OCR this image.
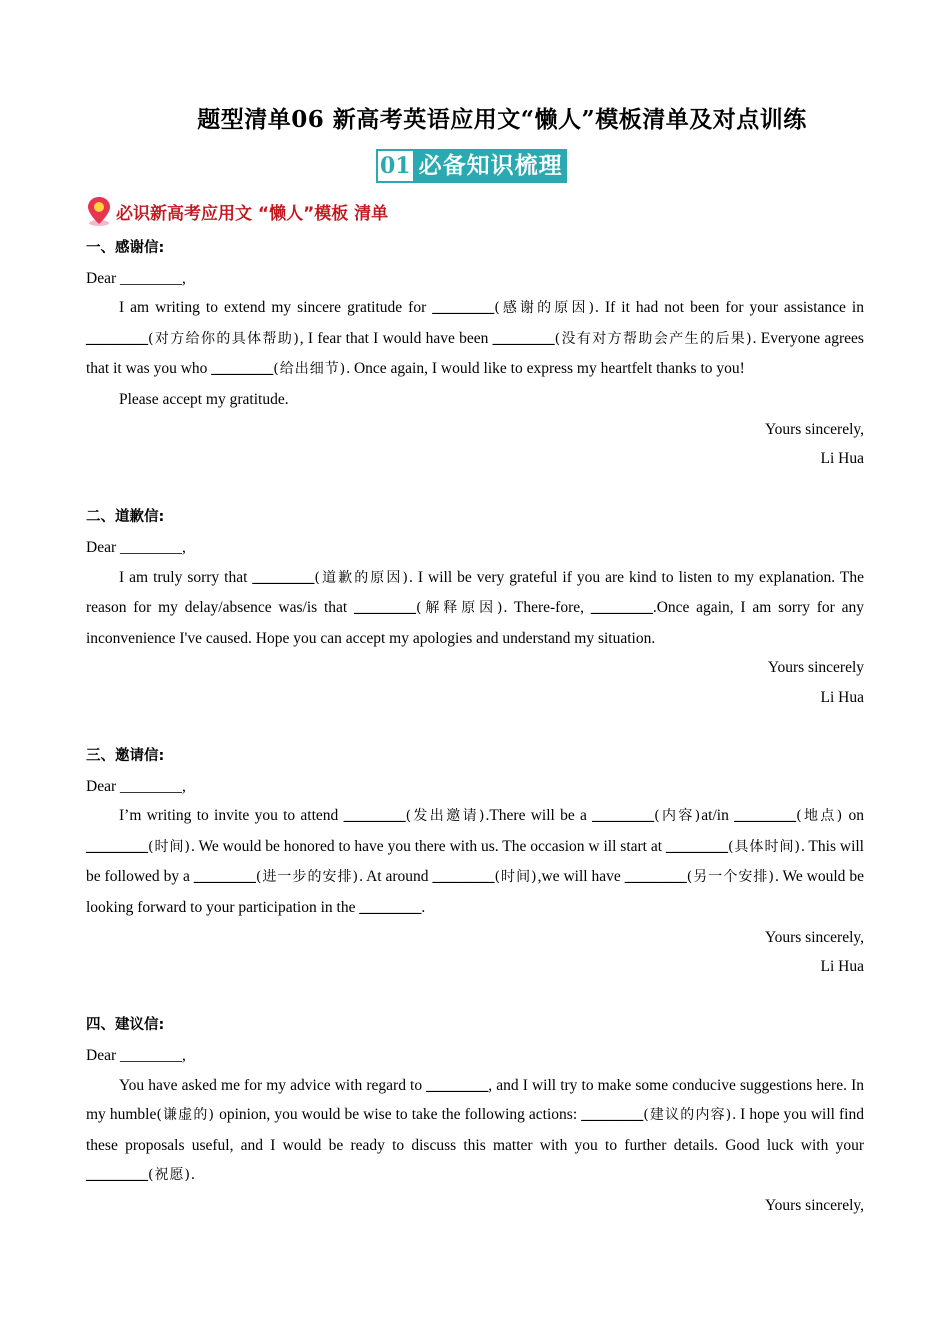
题型清单06 新高考英语应用文“懒人”模板清单及对点训练
01 必备知识梳理
必识新高考应用文 “懒人”模板 清单
一、感谢信:
Dear ________,
I am writing to extend my sincere gratitude for ________(感谢的原因). If it had not been for your assistance in ________(对方给你的具体帮助), I fear that I would have been ________(没有对方帮助会产生的后果). Everyone agrees that it was you who ________(给出细节). Once again, I would like to express my heartfelt thanks to you!
Please accept my gratitude.
Yours sincerely,
Li Hua
二、道歉信:
Dear ________,
I am truly sorry that ________(道歉的原因). I will be very grateful if you are kind to listen to my explanation. The reason for my delay/absence was/is that ________(解释原因). There-fore, ________.Once again, I am sorry for any inconvenience I've caused. Hope you can accept my apologies and understand my situation.
Yours sincerely
Li Hua
三、邀请信:
Dear ________,
I’m writing to invite you to attend ________(发出邀请).There will be a ________(内容)at/in ________(地点) on ________(时间). We would be honored to have you there with us. The occasion w ill start at ________(具体时间). This will be followed by a ________(进一步的安排). At around ________(时间),we will have ________(另一个安排). We would be looking forward to your participation in the ________.
Yours sincerely,
Li Hua
四、建议信:
Dear ________,
You have asked me for my advice with regard to ________, and I will try to make some conducive suggestions here. In my humble(谦虚的) opinion, you would be wise to take the following actions: ________(建议的内容). I hope you will find these proposals useful, and I would be ready to discuss this matter with you to further details. Good luck with your ________(祝愿).
Yours sincerely,
